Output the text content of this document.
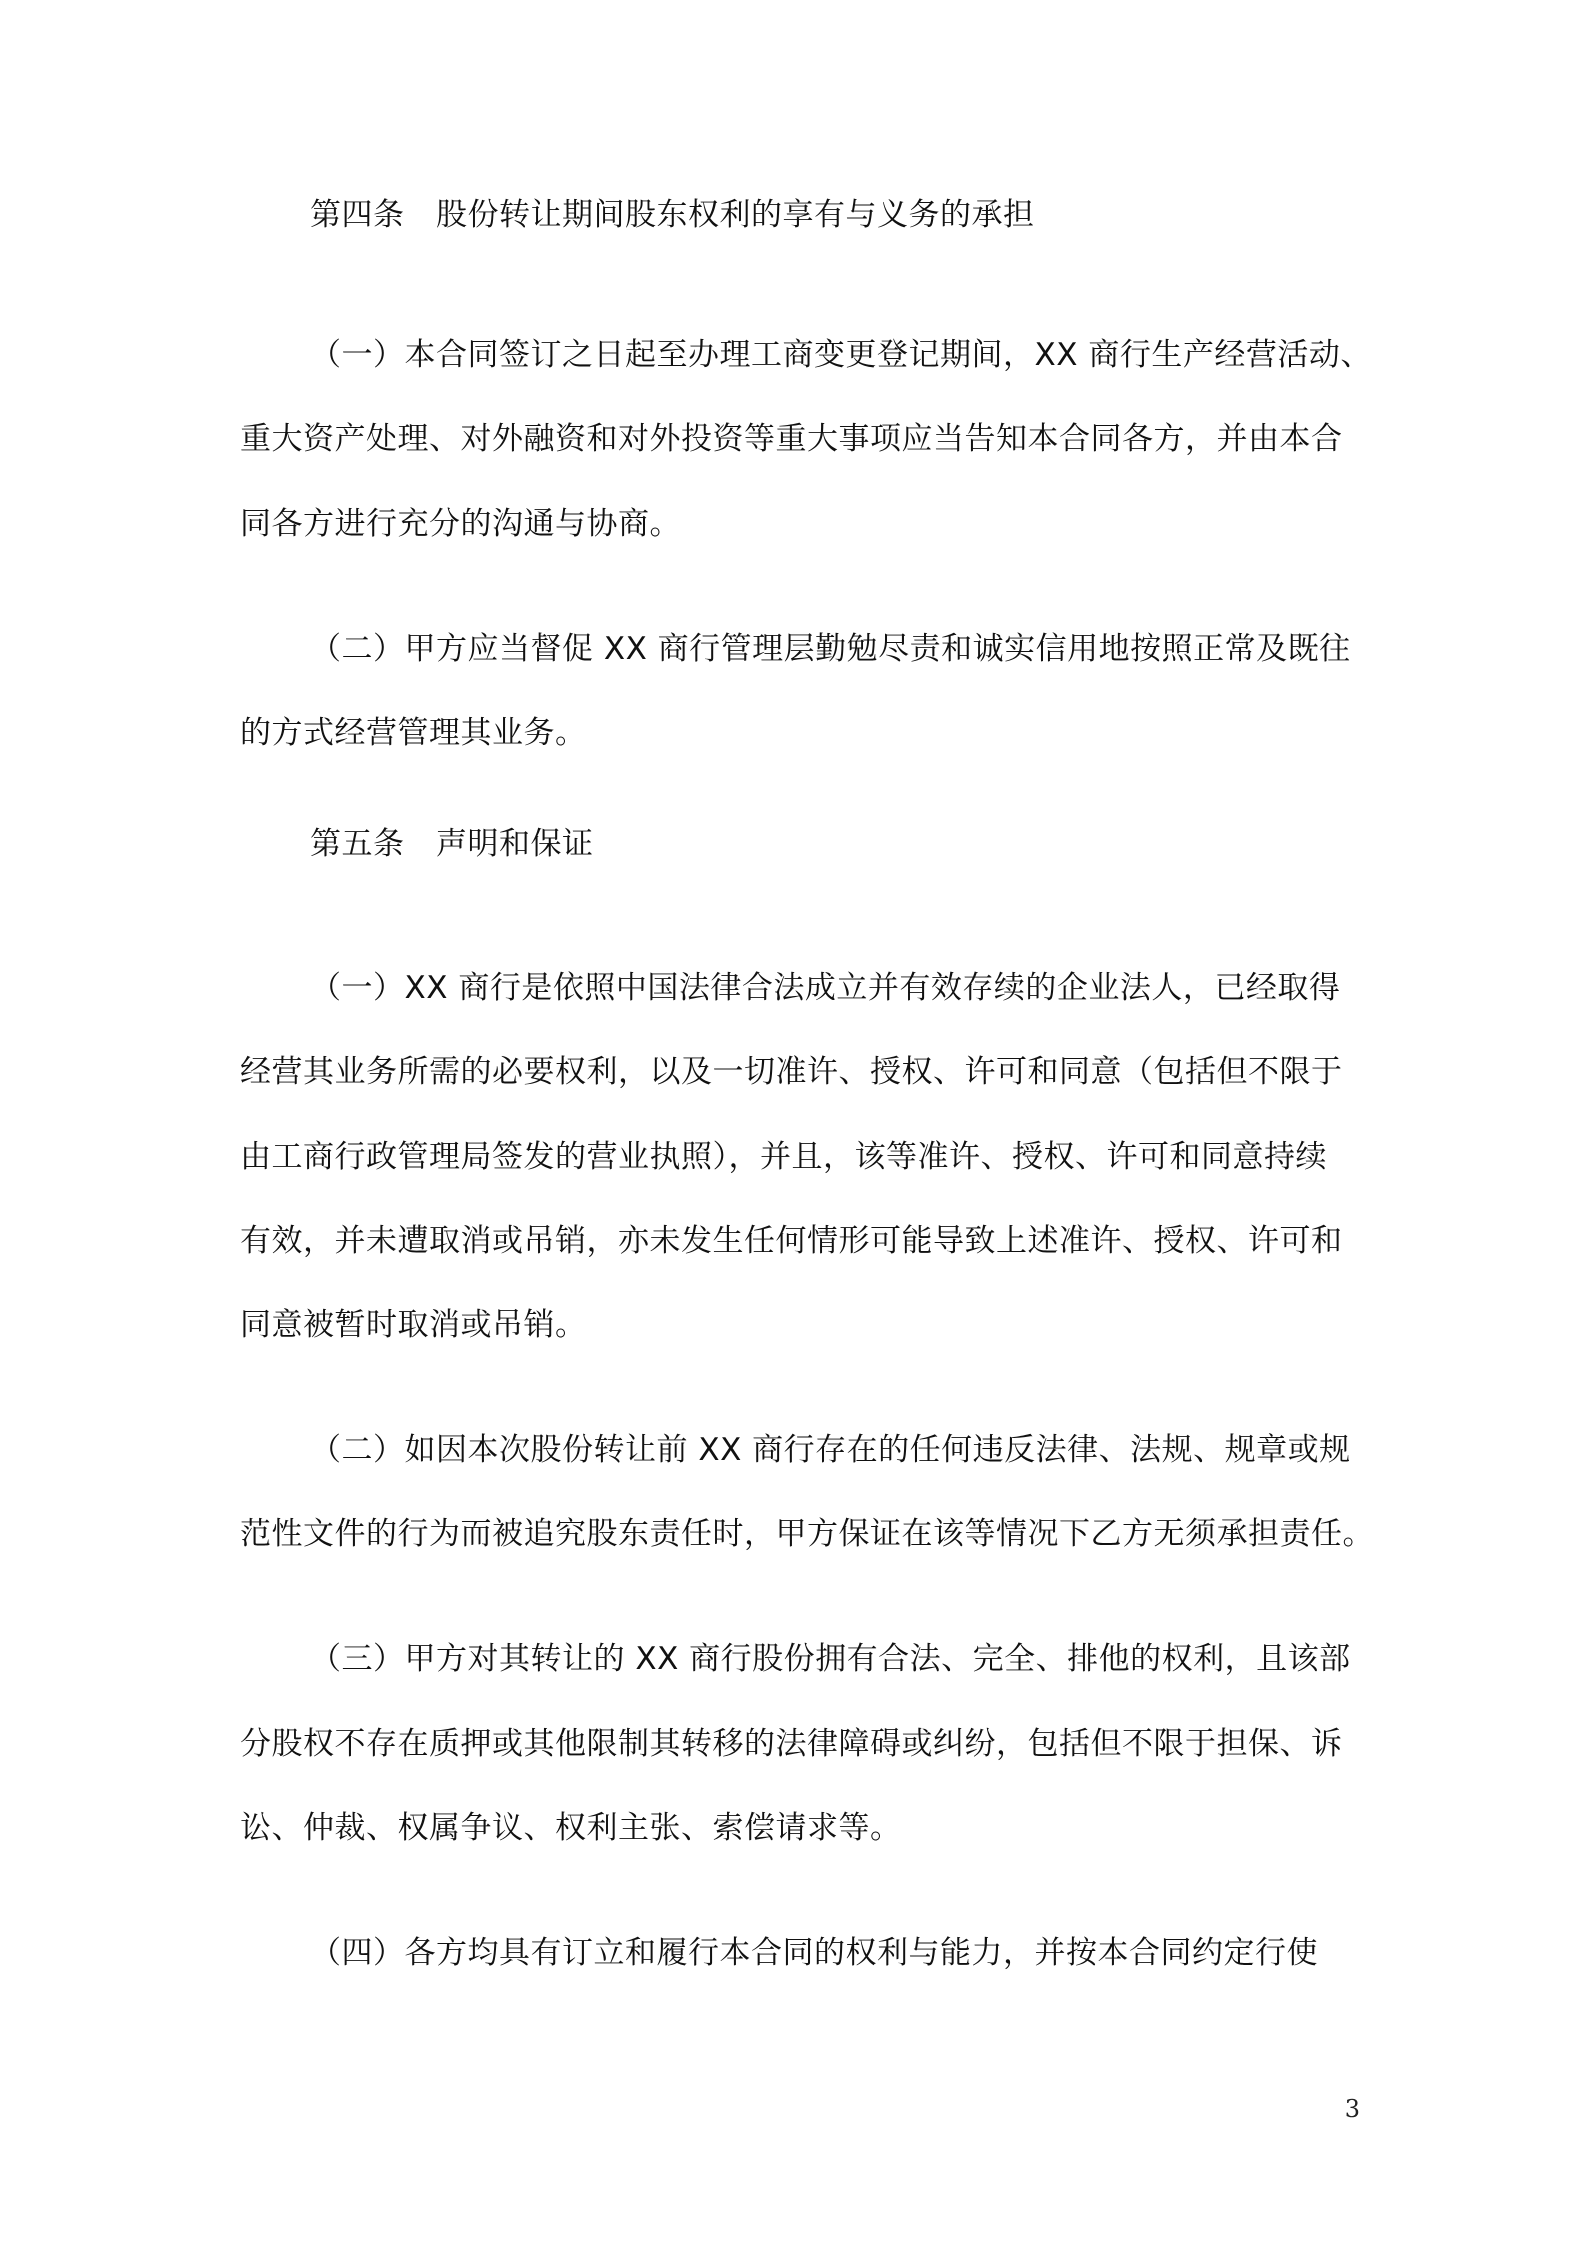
第四条　股份转让期间股东权利的享有与义务的承担
（一）本合同签订之日起至办理工商变更登记期间，XX 商行生产经营活动、
重大资产处理、对外融资和对外投资等重大事项应当告知本合同各方，并由本合
同各方进行充分的沟通与协商。
（二）甲方应当督促 XX 商行管理层勤勉尽责和诚实信用地按照正常及既往
的方式经营管理其业务。
第五条　声明和保证
（一）XX 商行是依照中国法律合法成立并有效存续的企业法人，已经取得
经营其业务所需的必要权利，以及一切准许、授权、许可和同意（包括但不限于
由工商行政管理局签发的营业执照），并且，该等准许、授权、许可和同意持续
有效，并未遭取消或吊销，亦未发生任何情形可能导致上述准许、授权、许可和
同意被暂时取消或吊销。
（二）如因本次股份转让前 XX 商行存在的任何违反法律、法规、规章或规
范性文件的行为而被追究股东责任时，甲方保证在该等情况下乙方无须承担责任。
（三）甲方对其转让的 XX 商行股份拥有合法、完全、排他的权利，且该部
分股权不存在质押或其他限制其转移的法律障碍或纠纷，包括但不限于担保、诉
讼、仲裁、权属争议、权利主张、索偿请求等。
（四）各方均具有订立和履行本合同的权利与能力，并按本合同约定行使
3
